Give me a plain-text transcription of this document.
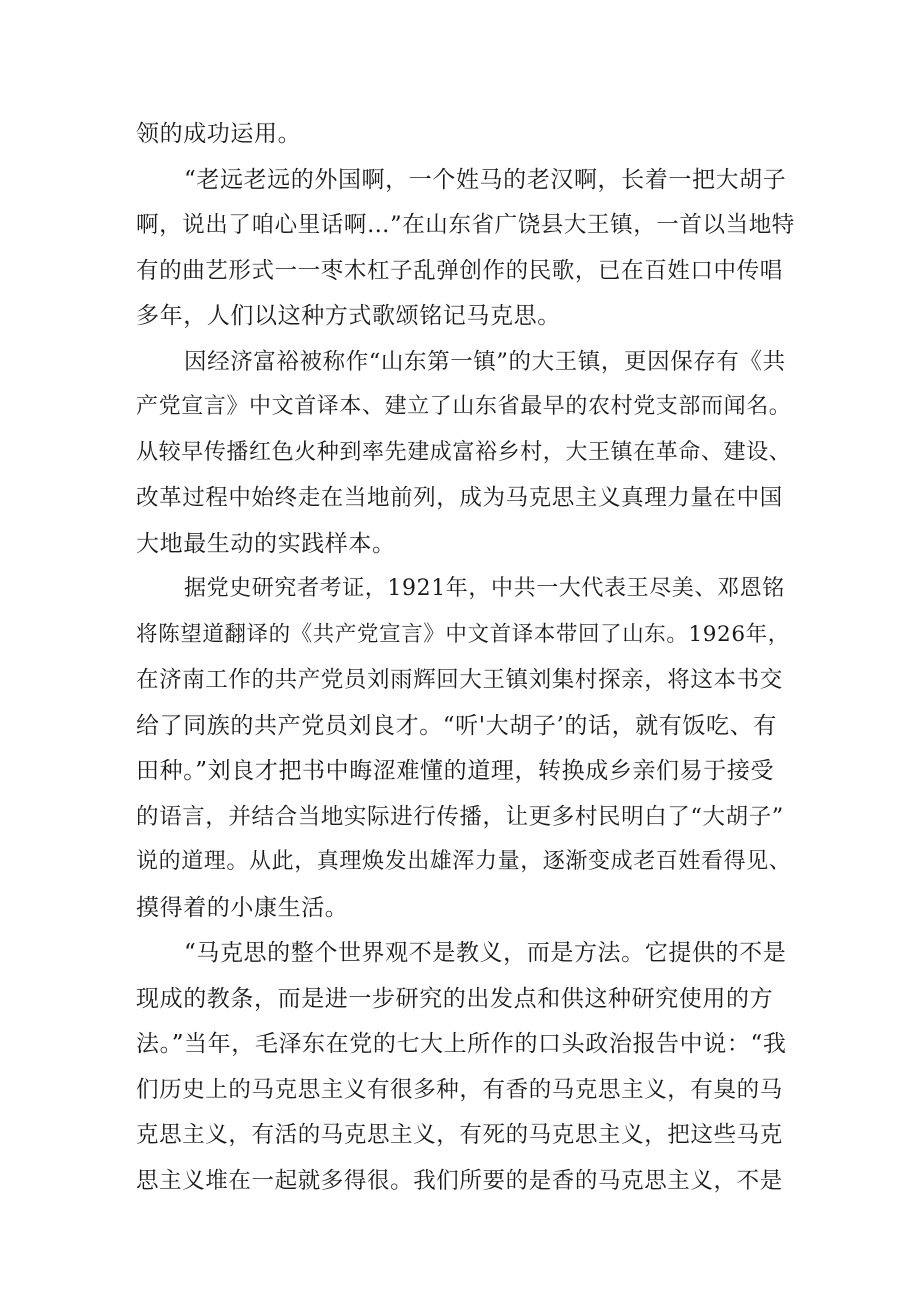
领的成功运用。
“老远老远的外国啊，一个姓马的老汉啊，长着一把大胡子
啊，说出了咱心里话啊…”在山东省广饶县大王镇，一首以当地特
有的曲艺形式一一枣木杠子乱弹创作的民歌，已在百姓口中传唱
多年，人们以这种方式歌颂铭记马克思。
因经济富裕被称作“山东第一镇”的大王镇，更因保存有《共
产党宣言》中文首译本、建立了山东省最早的农村党支部而闻名。
从较早传播红色火种到率先建成富裕乡村，大王镇在革命、建设、
改革过程中始终走在当地前列，成为马克思主义真理力量在中国
大地最生动的实践样本。
据党史研究者考证，1921年，中共一大代表王尽美、邓恩铭
将陈望道翻译的《共产党宣言》中文首译本带回了山东。1926年，
在济南工作的共产党员刘雨辉回大王镇刘集村探亲，将这本书交
给了同族的共产党员刘良才。“听'大胡子’的话，就有饭吃、有
田种。”刘良才把书中晦涩难懂的道理，转换成乡亲们易于接受
的语言，并结合当地实际进行传播，让更多村民明白了“大胡子”
说的道理。从此，真理焕发出雄浑力量，逐渐变成老百姓看得见、
摸得着的小康生活。
“马克思的整个世界观不是教义，而是方法。它提供的不是
现成的教条，而是进一步研究的出发点和供这种研究使用的方
法。”当年，毛泽东在党的七大上所作的口头政治报告中说：“我
们历史上的马克思主义有很多种，有香的马克思主义，有臭的马
克思主义，有活的马克思主义，有死的马克思主义，把这些马克
思主义堆在一起就多得很。我们所要的是香的马克思主义，不是
